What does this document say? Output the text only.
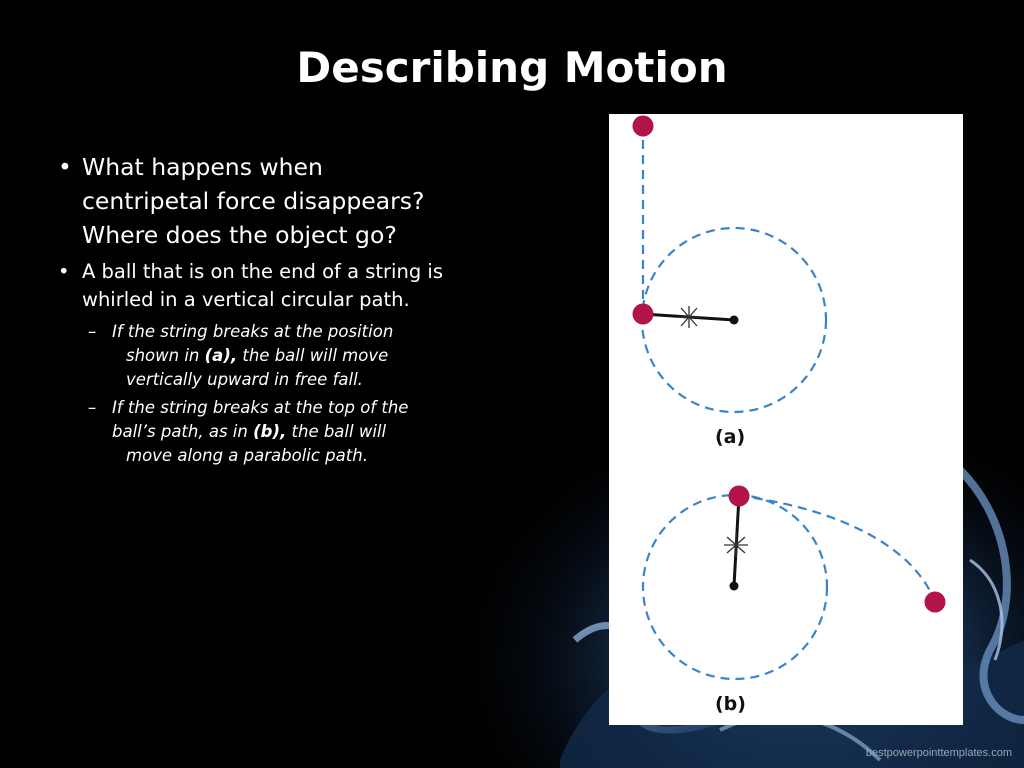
Describing Motion
• What happens when
centripetal force disappears?
Where does the object go?
• A ball that is on the end of a string is
whirled in a vertical circular path.
– If the string breaks at the position
shown in (a), the ball will move
vertically upward in free fall.
– If the string breaks at the top of the
ball’s path, as in (b), the ball will
move along a parabolic path.
(a)
(b)
bestpowerpointtemplates.com
